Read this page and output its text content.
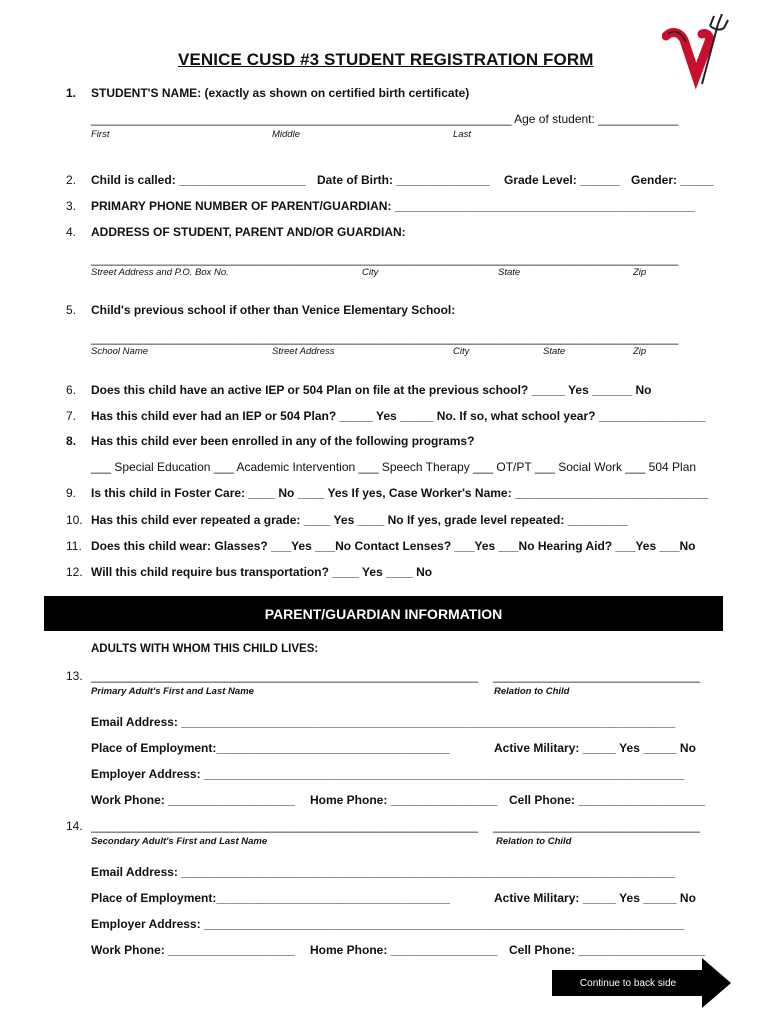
VENICE CUSD #3 STUDENT REGISTRATION FORM
1. STUDENT'S NAME: (exactly as shown on certified birth certificate)
_______________________________________________________________ Age of student: ____________
First	Middle	Last
2. Child is called: ___________________ Date of Birth: ______________ Grade Level: ______ Gender: _____
3. PRIMARY PHONE NUMBER OF PARENT/GUARDIAN: _____________________________________________
4. ADDRESS OF STUDENT, PARENT AND/OR GUARDIAN:
________________________________________________________________________________________
Street Address and P.O. Box No.	City	State	Zip
5. Child's previous school if other than Venice Elementary School:
________________________________________________________________________________________
School Name	Street Address	City	State	Zip
6. Does this child have an active IEP or 504 Plan on file at the previous school? _____ Yes ______ No
7. Has this child ever had an IEP or 504 Plan? _____ Yes _____ No. If so, what school year? ________________
8. Has this child ever been enrolled in any of the following programs?
___ Special Education ___ Academic Intervention ___ Speech Therapy ___ OT/PT ___ Social Work ___ 504 Plan
9. Is this child in Foster Care: ____ No ____ Yes If yes, Case Worker's Name: _____________________________
10. Has this child ever repeated a grade: ____ Yes ____ No If yes, grade level repeated: _________
11. Does this child wear: Glasses? ___Yes ___No Contact Lenses? ___Yes ___No Hearing Aid? ___Yes ___No
12. Will this child require bus transportation? ____ Yes ____ No
PARENT/GUARDIAN INFORMATION
ADULTS WITH WHOM THIS CHILD LIVES:
13. __________________________________________________________ _______________________________
Primary Adult's First and Last Name	Relation to Child
Email Address: __________________________________________________________________________
Place of Employment:___________________________________	Active Military: _____ Yes _____ No
Employer Address: ________________________________________________________________________
Work Phone: ___________________ Home Phone: ________________ Cell Phone: ___________________
14. __________________________________________________________ _______________________________
Secondary Adult's First and Last Name	Relation to Child
Email Address: __________________________________________________________________________
Place of Employment:___________________________________	Active Military: _____ Yes _____ No
Employer Address: ________________________________________________________________________
Work Phone: ___________________ Home Phone: ________________ Cell Phone: ___________________
Continue to back side
